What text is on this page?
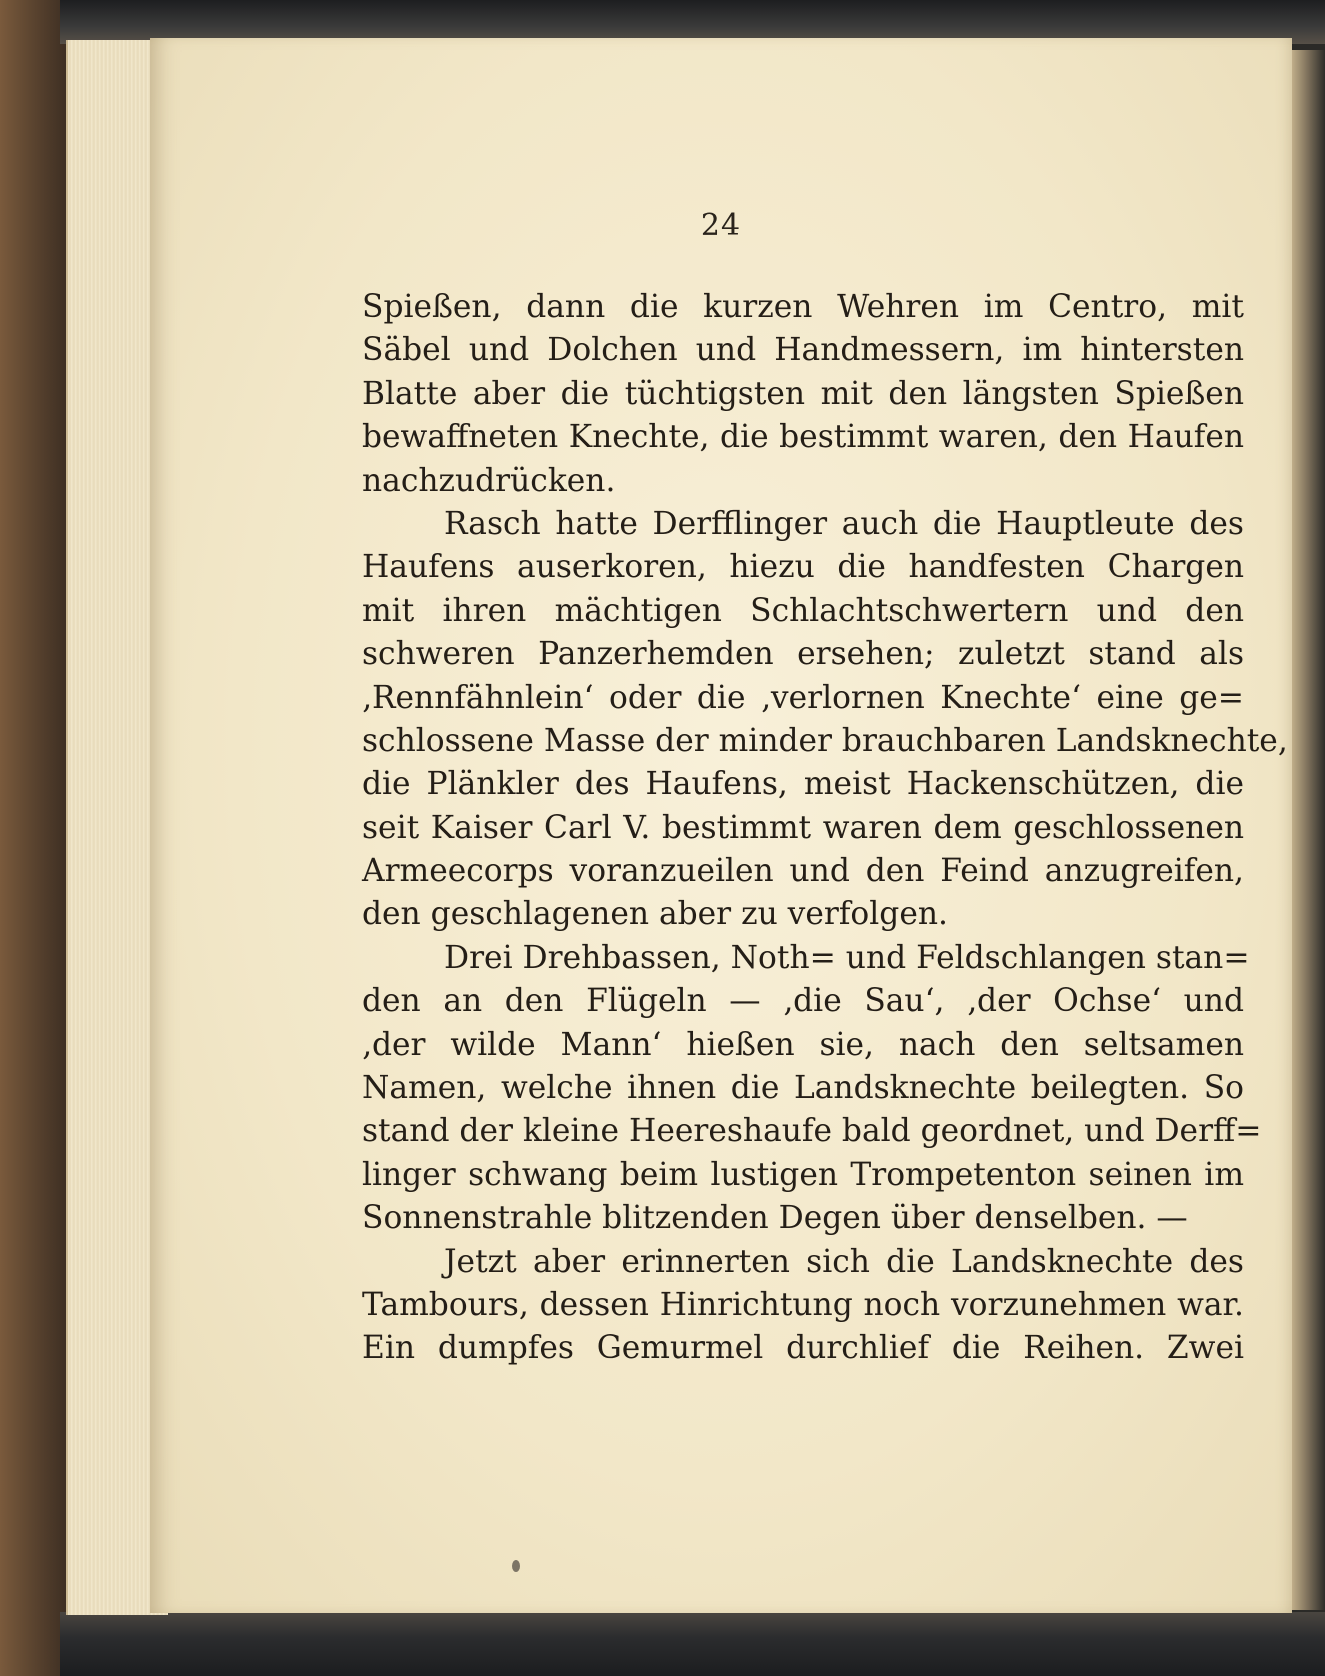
24
Spießen, dann die kurzen Wehren im Centro, mit
Säbel und Dolchen und Handmessern, im hintersten
Blatte aber die tüchtigsten mit den längsten Spießen
bewaffneten Knechte, die bestimmt waren, den Haufen
nachzudrücken.
Rasch hatte Derfflinger auch die Hauptleute des
Haufens auserkoren, hiezu die handfesten Chargen
mit ihren mächtigen Schlachtschwertern und den
schweren Panzerhemden ersehen; zuletzt stand als
‚Rennfähnlein‘ oder die ‚verlornen Knechte‘ eine ge=
schlossene Masse der minder brauchbaren Landsknechte,
die Plänkler des Haufens, meist Hackenschützen, die
seit Kaiser Carl V. bestimmt waren dem geschlossenen
Armeecorps voranzueilen und den Feind anzugreifen,
den geschlagenen aber zu verfolgen.
Drei Drehbassen, Noth= und Feldschlangen stan=
den an den Flügeln — ‚die Sau‘, ‚der Ochse‘ und
‚der wilde Mann‘ hießen sie, nach den seltsamen
Namen, welche ihnen die Landsknechte beilegten. So
stand der kleine Heereshaufe bald geordnet, und Derff=
linger schwang beim lustigen Trompetenton seinen im
Sonnenstrahle blitzenden Degen über denselben. —
Jetzt aber erinnerten sich die Landsknechte des
Tambours, dessen Hinrichtung noch vorzunehmen war.
Ein dumpfes Gemurmel durchlief die Reihen. Zwei
